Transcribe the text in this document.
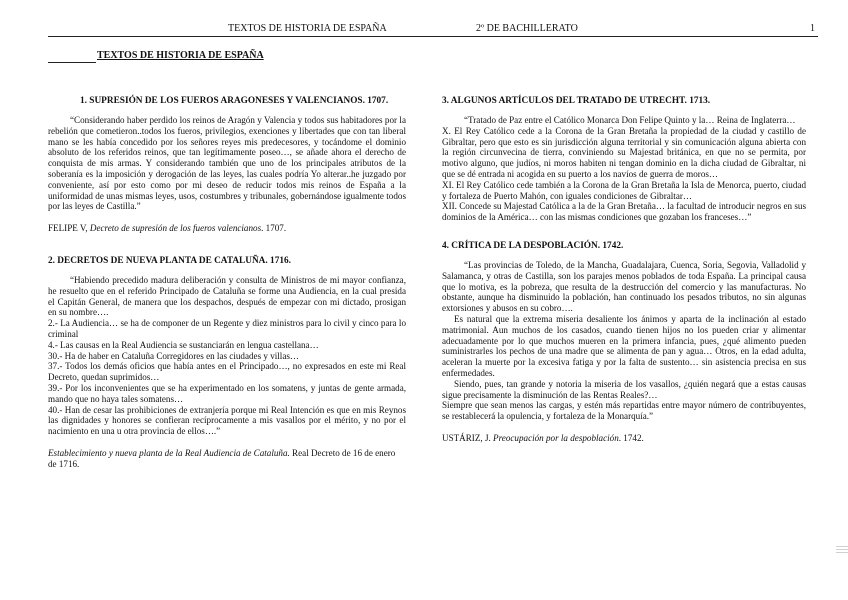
TEXTOS DE HISTORIA DE ESPAÑA	2º DE BACHILLERATO	1
TEXTOS DE HISTORIA DE ESPAÑA
1. SUPRESIÓN DE LOS FUEROS ARAGONESES Y VALENCIANOS. 1707.

“Considerando haber perdido los reinos de Aragón y Valencia y todos sus habitadores por la rebelión que cometieron..todos los fueros, privilegios, exenciones y libertades que con tan liberal mano se les había concedido por los señores reyes mis predecesores, y tocándome el dominio absoluto de los referidos reinos, que tan legítimamente poseo…, se añade ahora el derecho de conquista de mis armas. Y considerando también que uno de los principales atributos de la soberanía es la imposición y derogación de las leyes, las cuales podría Yo alterar..he juzgado por conveniente, así por esto como por mi deseo de reducir todos mis reinos de España a la uniformidad de unas mismas leyes, usos, costumbres y tribunales, gobernándose igualmente todos por las leyes de Castilla.”

FELIPE V, Decreto de supresión de los fueros valencianos. 1707.

2. DECRETOS DE NUEVA PLANTA DE CATALUÑA. 1716.

“Habiendo precedido madura deliberación y consulta de Ministros de mi mayor confianza, he resuelto que en el referido Principado de Cataluña se forme una Audiencia, en la cual presida el Capitán General, de manera que los despachos, después de empezar con mi dictado, prosigan en su nombre….

2.- La Audiencia… se ha de componer de un Regente y diez ministros para lo civil y cinco para lo criminal

4.- Las causas en la Real Audiencia se sustanciarán en lengua castellana…

30.- Ha de haber en Cataluña Corregidores en las ciudades y villas…

37.- Todos los demás oficios que había antes en el Principado…, no expresados en este mi Real Decreto, quedan suprimidos…

39.- Por los inconvenientes que se ha experimentado en los somatens, y juntas de gente armada, mando que no haya tales somatens…

40.- Han de cesar las prohibiciones de extranjería porque mi Real Intención es que en mis Reynos las dignidades y honores se confieran recíprocamente a mis vasallos por el mérito, y no por el nacimiento en una u otra provincia de ellos….”

Establecimiento y nueva planta de la Real Audiencia de Cataluña. Real Decreto de 16 de enero de 1716.

3. ALGUNOS ARTÍCULOS DEL TRATADO DE UTRECHT. 1713.

“Tratado de Paz entre el Católico Monarca Don Felipe Quinto y la… Reina de Inglaterra…

X. El Rey Católico cede a la Corona de la Gran Bretaña la propiedad de la ciudad y castillo de Gibraltar, pero que esto es sin jurisdicción alguna territorial y sin comunicación alguna abierta con la región circunvecina de tierra, conviniendo su Majestad británica, en que no se permita, por motivo alguno, que judíos, ni moros habiten ni tengan dominio en la dicha ciudad de Gibraltar, ni que se dé entrada ni acogida en su puerto a los navíos de guerra de moros…

XI. El Rey Católico cede también a la Corona de la Gran Bretaña la Isla de Menorca, puerto, ciudad y fortaleza de Puerto Mahón, con iguales condiciones de Gibraltar…

XII. Concede su Majestad Católica a la de la Gran Bretaña… la facultad de introducir negros en sus dominios de la América… con las mismas condiciones que gozaban los franceses…”

4. CRÍTICA DE LA DESPOBLACIÓN. 1742.

“Las provincias de Toledo, de la Mancha, Guadalajara, Cuenca, Soria, Segovia, Valladolid y Salamanca, y otras de Castilla, son los parajes menos poblados de toda España. La principal causa que lo motiva, es la pobreza, que resulta de la destrucción del comercio y las manufacturas. No obstante, aunque ha disminuido la población, han continuado los pesados tributos, no sin algunas extorsiones y abusos en su cobro….

Es natural que la extrema miseria desaliente los ánimos y aparta de la inclinación al estado matrimonial. Aun muchos de los casados, cuando tienen hijos no los pueden criar y alimentar adecuadamente por lo que muchos mueren en la primera infancia, pues, ¿qué alimento pueden suministrarles los pechos de una madre que se alimenta de pan y agua… Otros, en la edad adulta, aceleran la muerte por la excesiva fatiga y por la falta de sustento… sin asistencia precisa en sus enfermedades.

Siendo, pues, tan grande y notoria la miseria de los vasallos, ¿quién negará que a estas causas sigue precisamente la disminución de las Rentas Reales?…

Siempre que sean menos las cargas, y estén más repartidas entre mayor número de contribuyentes, se restablecerá la opulencia, y fortaleza de la Monarquía.”

USTÁRIZ, J. Preocupación por la despoblación. 1742.
